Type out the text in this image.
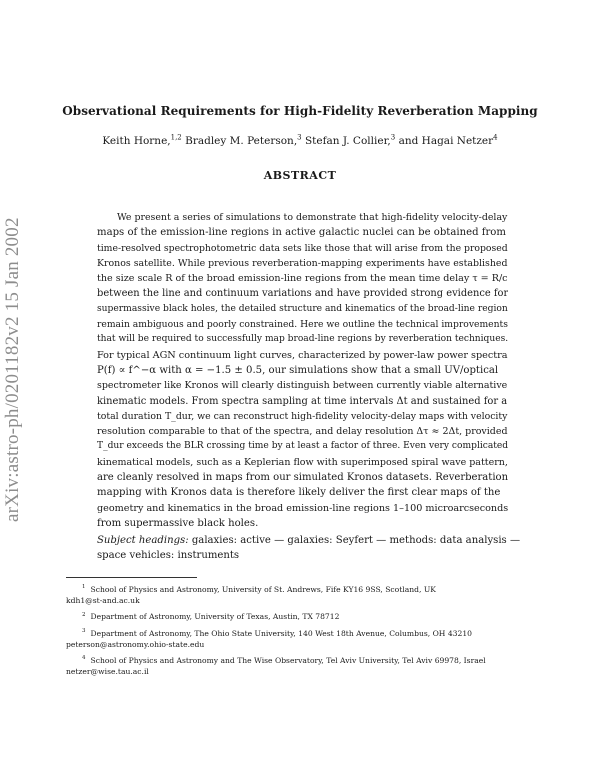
arXiv:astro-ph/0201182v2 15 Jan 2002
Observational Requirements for High-Fidelity Reverberation Mapping
Keith Horne,$^{1,2}$ Bradley M. Peterson,$^3$ Stefan J. Collier,$^3$ and Hagai Netzer$^4$
ABSTRACT
We present a series of simulations to demonstrate that high-fidelity velocity-delay
maps of the emission-line regions in active galactic nuclei can be obtained from
time-resolved spectrophotometric data sets like those that will arise from the proposed
Kronos satellite. While previous reverberation-mapping experiments have established
the size scale R of the broad emission-line regions from the mean time delay τ = R/c
between the line and continuum variations and have provided strong evidence for
supermassive black holes, the detailed structure and kinematics of the broad-line region
remain ambiguous and poorly constrained. Here we outline the technical improvements
that will be required to successfully map broad-line regions by reverberation techniques.
For typical AGN continuum light curves, characterized by power-law power spectra
P(f) ∝ f^−α with α = −1.5 ± 0.5, our simulations show that a small UV/optical
spectrometer like Kronos will clearly distinguish between currently viable alternative
kinematic models. From spectra sampling at time intervals Δt and sustained for a
total duration T_dur, we can reconstruct high-fidelity velocity-delay maps with velocity
resolution comparable to that of the spectra, and delay resolution Δτ ≈ 2Δt, provided
T_dur exceeds the BLR crossing time by at least a factor of three. Even very complicated
kinematical models, such as a Keplerian flow with superimposed spiral wave pattern,
are cleanly resolved in maps from our simulated Kronos datasets. Reverberation
mapping with Kronos data is therefore likely deliver the first clear maps of the
geometry and kinematics in the broad emission-line regions 1–100 microarcseconds
from supermassive black holes.
Subject headings: galaxies: active — galaxies: Seyfert — methods: data analysis —
space vehicles: instruments
$^1$ School of Physics and Astronomy, University of St. Andrews, Fife KY16 9SS, Scotland, UK
kdh1@st-and.ac.uk
$^2$ Department of Astronomy, University of Texas, Austin, TX 78712
$^3$ Department of Astronomy, The Ohio State University, 140 West 18th Avenue, Columbus, OH 43210
peterson@astronomy.ohio-state.edu
$^4$ School of Physics and Astronomy and The Wise Observatory, Tel Aviv University, Tel Aviv 69978, Israel
netzer@wise.tau.ac.il
